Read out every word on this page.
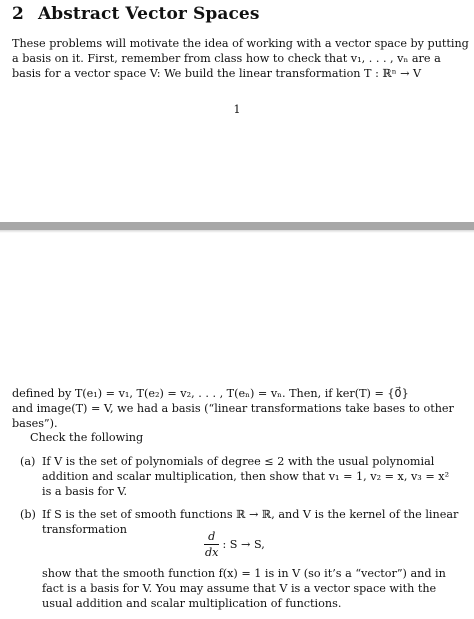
2 Abstract Vector Spaces
These problems will motivate the idea of working with a vector space by putting
a basis on it. First, remember from class how to check that v₁, . . . , vₙ are a
basis for a vector space V: We build the linear transformation T : ℝⁿ → V
1
defined by T(e₁) = v₁, T(e₂) = v₂, . . . , T(eₙ) = vₙ. Then, if ker(T) = {0⃗}
and image(T) = V, we had a basis (“linear transformations take bases to other
bases”).
Check the following
(a) If V is the set of polynomials of degree ≤ 2 with the usual polynomial
addition and scalar multiplication, then show that v₁ = 1, v₂ = x, v₃ = x²
is a basis for V.
(b) If S is the set of smooth functions ℝ → ℝ, and V is the kernel of the linear
transformation
$\frac{d}{dx}$ : S → S,
show that the smooth function f(x) = 1 is in V (so it’s a “vector”) and in
fact is a basis for V. You may assume that V is a vector space with the
usual addition and scalar multiplication of functions.
